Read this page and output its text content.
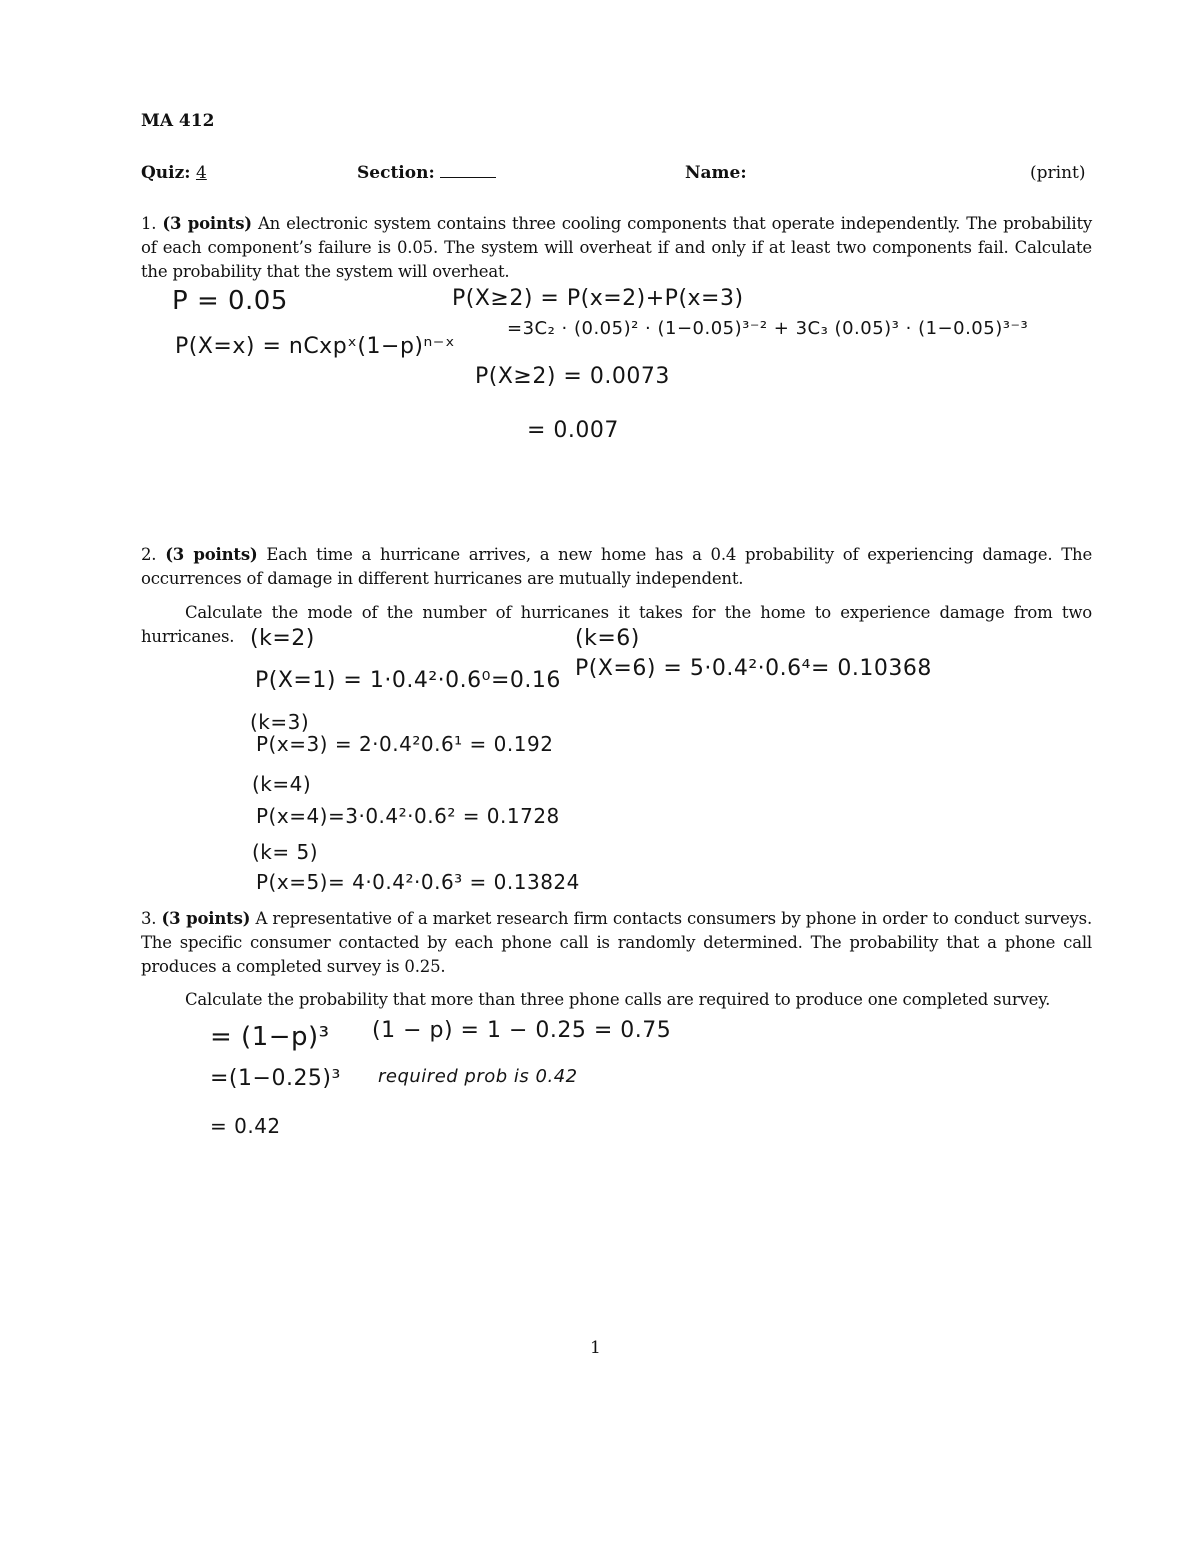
MA 412
Quiz: 4	Section:	Name:	(print)
1. (3 points) An electronic system contains three cooling components that operate independently. The probability of each component’s failure is 0.05. The system will overheat if and only if at least two components fail. Calculate the probability that the system will overheat.
P = 0.05
P(X=x) = nCxpˣ(1−p)ⁿ⁻ˣ
P(X≥2) = P(x=2)+P(x=3)
=3C₂ · (0.05)² · (1−0.05)³⁻² + 3C₃ (0.05)³ · (1−0.05)³⁻³
P(X≥2) = 0.0073
= 0.007
2. (3 points) Each time a hurricane arrives, a new home has a 0.4 probability of experiencing damage. The occurrences of damage in different hurricanes are mutually independent.
Calculate the mode of the number of hurricanes it takes for the home to experience damage from two hurricanes. (k=2)
P(X=1) = 1·0.4²·0.6⁰=0.16
(k=3)
P(x=3) = 2·0.4²0.6¹ = 0.192
(k=4)
P(x=4)=3·0.4²·0.6² = 0.1728
(k= 5)
P(x=5)= 4·0.4²·0.6³ = 0.13824
(k=6)
P(X=6) = 5·0.4²·0.6⁴= 0.10368
3. (3 points) A representative of a market research firm contacts consumers by phone in order to conduct surveys. The specific consumer contacted by each phone call is randomly determined. The probability that a phone call produces a completed survey is 0.25.
Calculate the probability that more than three phone calls are required to produce one completed survey.
= (1−p)³
=(1−0.25)³
= 0.42
(1 − p) = 1 − 0.25 = 0.75
required prob is 0.42
1
